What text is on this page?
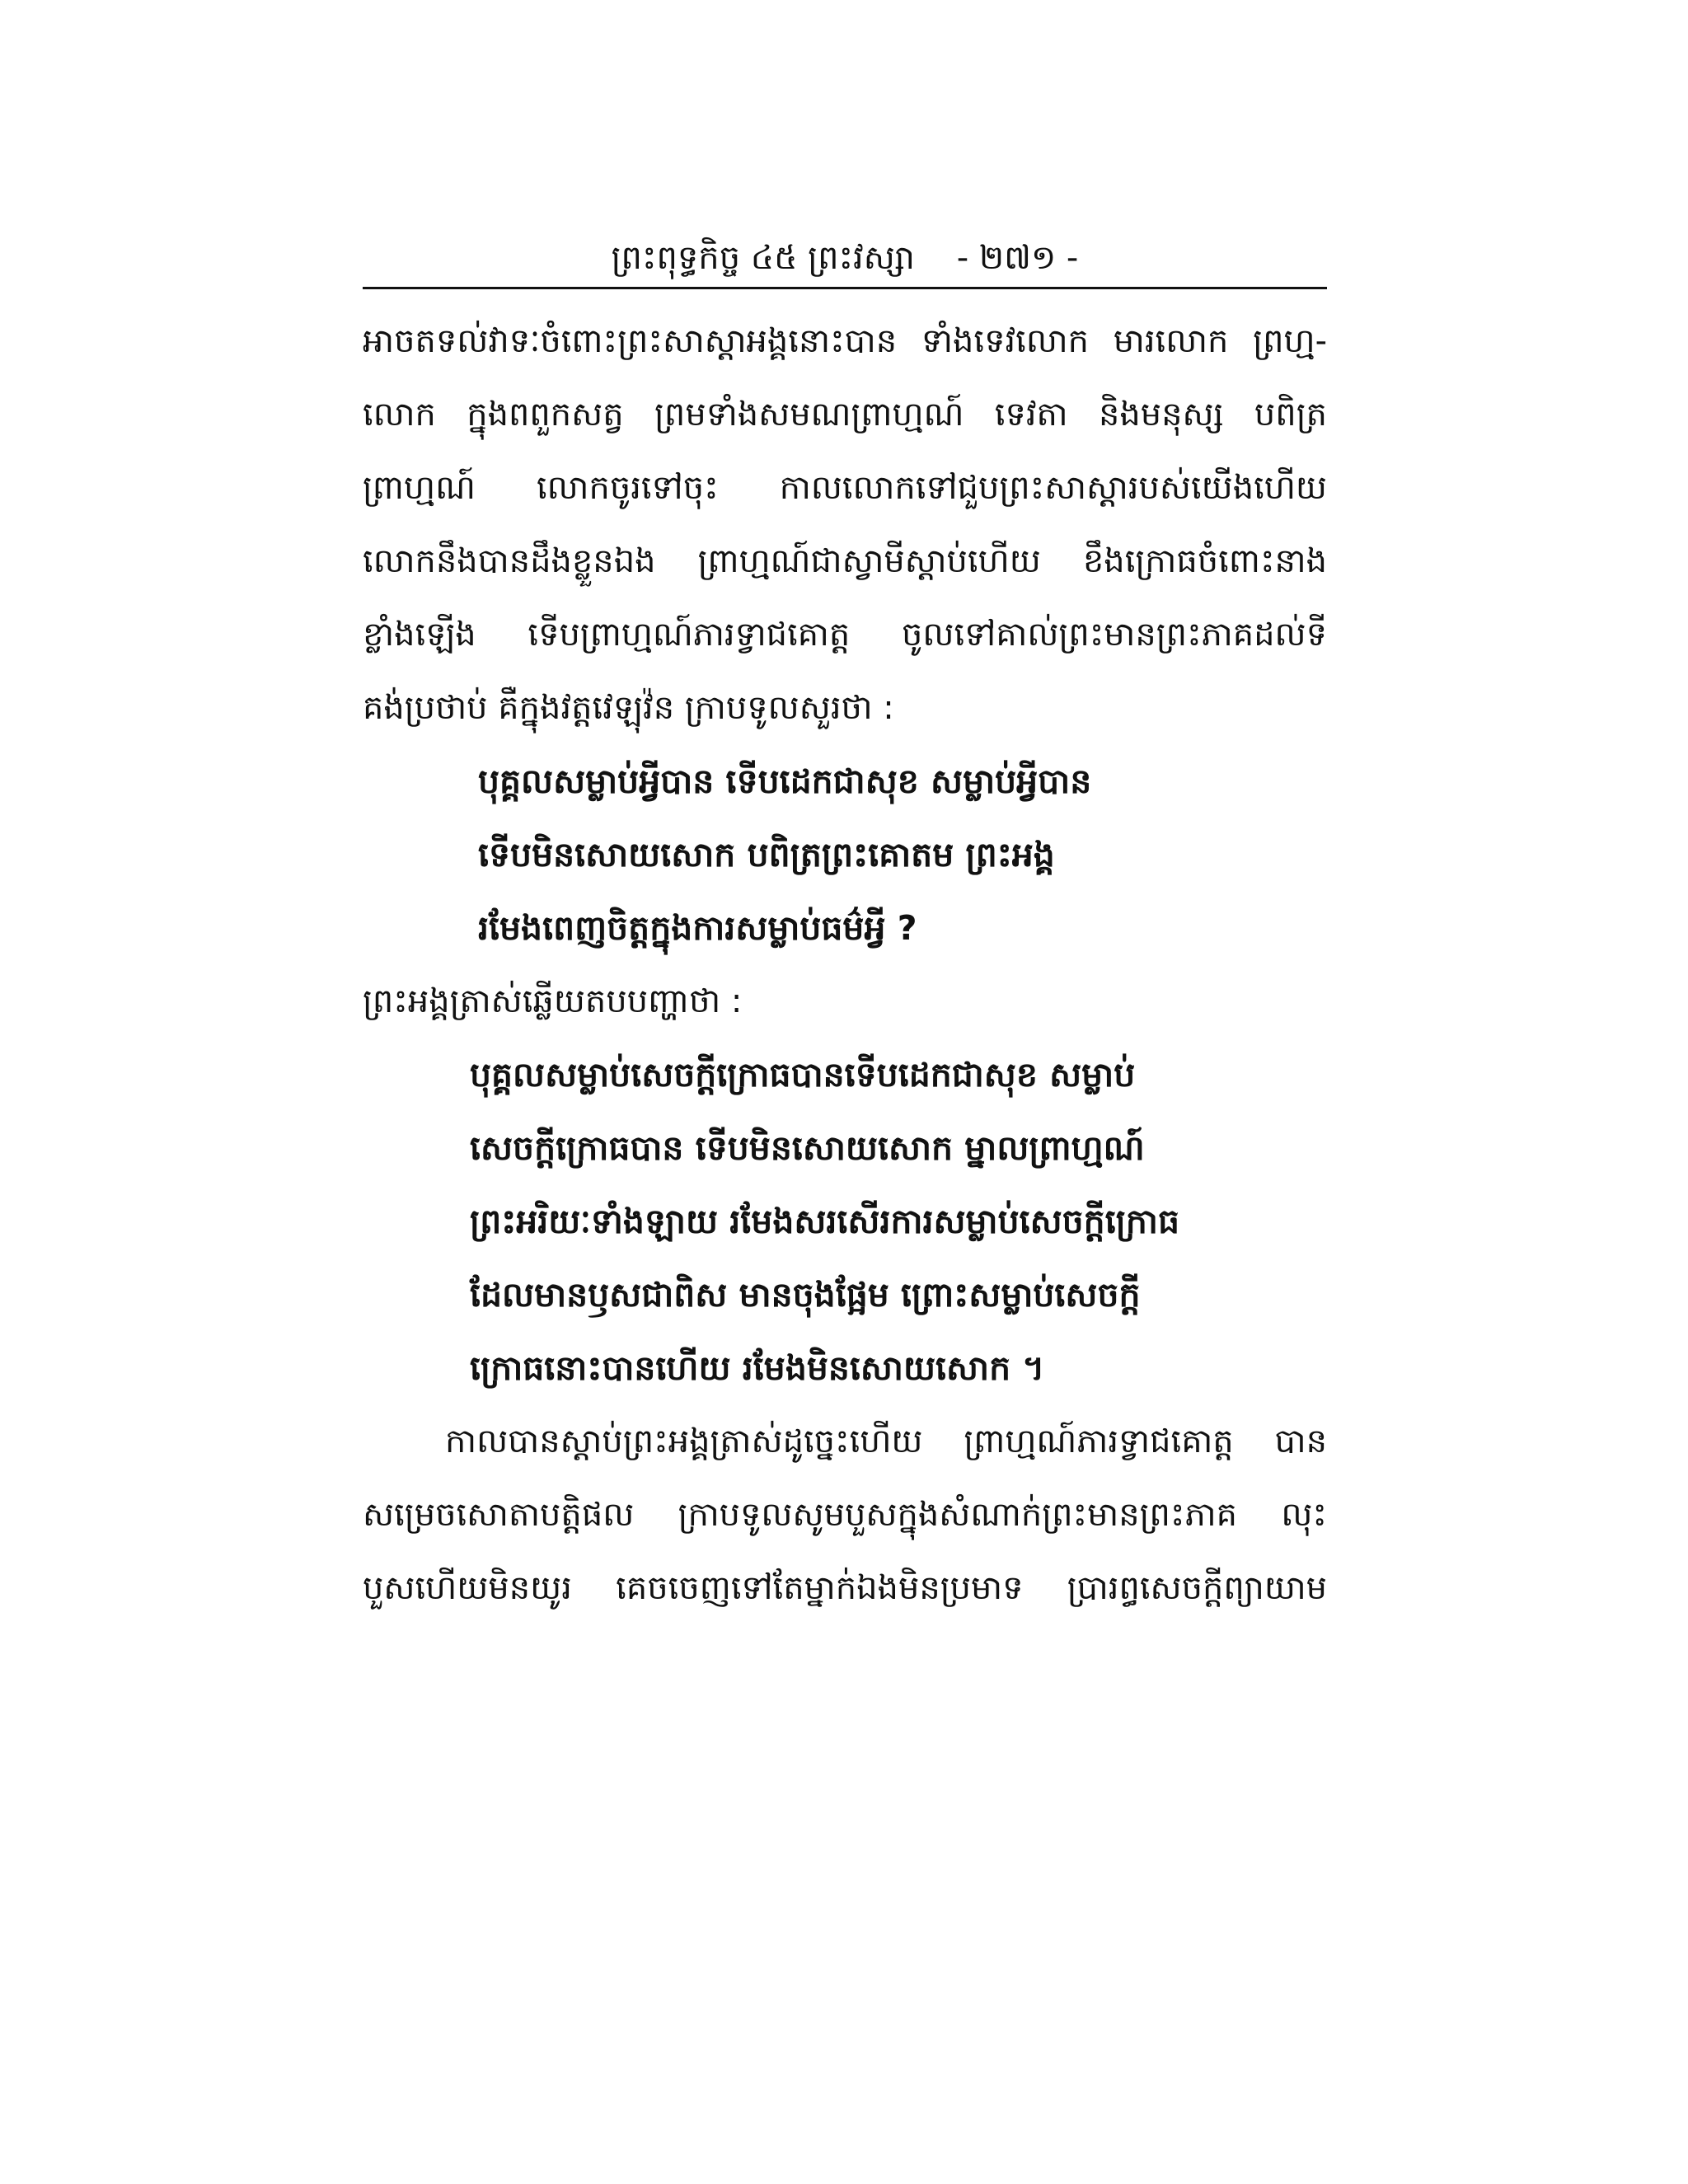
ព្រះពុទ្ធកិច្ច ៤៥ ព្រះវស្សា - ២៧១ -
អាចតទល់វាទៈចំពោះព្រះសាស្តាអង្គនោះបាន ទាំងទេវលោក មារលោក ព្រហ្ម-
លោក ក្នុងពពួកសត្វ ព្រមទាំងសមណព្រាហ្មណ៍ ទេវតា និងមនុស្ស បពិត្រ
ព្រាហ្មណ៍ លោកចូរទៅចុះ កាលលោកទៅជួបព្រះសាស្តារបស់យើងហើយ
លោកនឹងបានដឹងខ្លួនឯង ព្រាហ្មណ៍ជាស្វាមីស្តាប់ហើយ ខឹងក្រោធចំពោះនាង
ខ្លាំងឡើង ទើបព្រាហ្មណ៍ភារទ្វាជគោត្ត ចូលទៅគាល់ព្រះមានព្រះភាគដល់ទី
គង់ប្រថាប់ គឺក្នុងវត្តវេឡុវ៉ន ក្រាបទូលសួរថា :
បុគ្គលសម្លាប់អ្វីបាន ទើបដេកជាសុខ សម្លាប់អ្វីបាន
ទើបមិនសោយសោក បពិត្រព្រះគោតម ព្រះអង្គ
រមែងពេញចិត្តក្នុងការសម្លាប់ធម៌អ្វី ?
ព្រះអង្គត្រាស់ឆ្លើយតបបញ្ហាថា :
បុគ្គលសម្លាប់សេចក្តីក្រោធបានទើបដេកជាសុខ សម្លាប់
សេចក្តីក្រោធបាន ទើបមិនសោយសោក ម្នាលព្រាហ្មណ៍
ព្រះអរិយៈទាំងឡាយ រមែងសរសើរការសម្លាប់សេចក្តីក្រោធ
ដែលមានឫសជាពិស មានចុងផ្អែម ព្រោះសម្លាប់សេចក្តី
ក្រោធនោះបានហើយ រមែងមិនសោយសោក ។
កាលបានស្តាប់ព្រះអង្គត្រាស់ដូច្នេះហើយ ព្រាហ្មណ៍ភារទ្វាជគោត្ត បាន
សម្រេចសោតាបត្តិផល ក្រាបទូលសូមបួសក្នុងសំណាក់ព្រះមានព្រះភាគ លុះ
បួសហើយមិនយូរ គេចចេញទៅតែម្នាក់ឯងមិនប្រមាទ ប្រារព្ធសេចក្តីព្យាយាម
